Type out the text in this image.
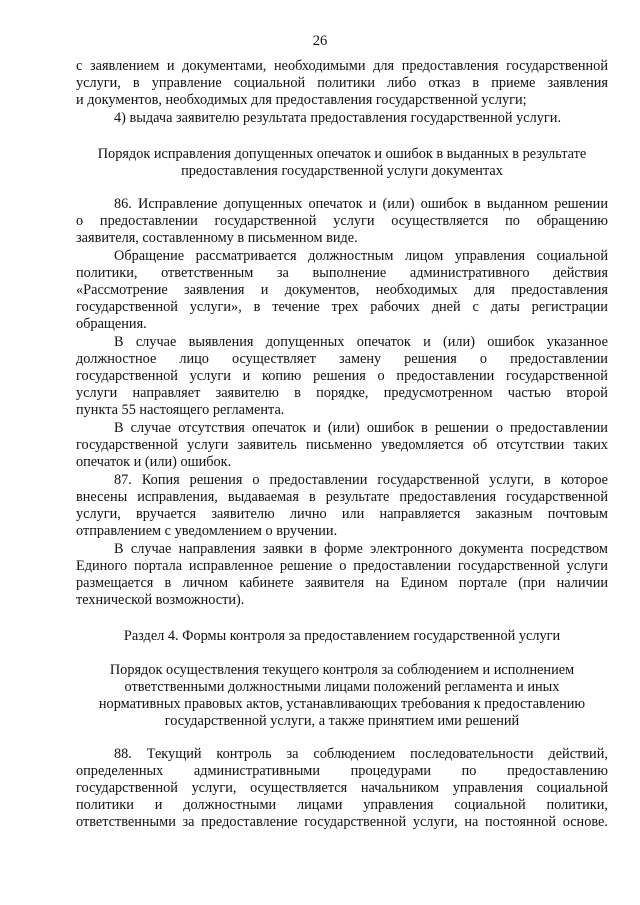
26
с заявлением и документами, необходимыми для предоставления государственной
услуги, в управление социальной политики либо отказ в приеме заявления
и документов, необходимых для предоставления государственной услуги;
4) выдача заявителю результата предоставления государственной услуги.
Порядок исправления допущенных опечаток и ошибок в выданных в результате
предоставления государственной услуги документах
86. Исправление допущенных опечаток и (или) ошибок в выданном решении
о предоставлении государственной услуги осуществляется по обращению
заявителя, составленному в письменном виде.
Обращение рассматривается должностным лицом управления социальной
политики, ответственным за выполнение административного действия
«Рассмотрение заявления и документов, необходимых для предоставления
государственной услуги», в течение трех рабочих дней с даты регистрации
обращения.
В случае выявления допущенных опечаток и (или) ошибок указанное
должностное лицо осуществляет замену решения о предоставлении
государственной услуги и копию решения о предоставлении государственной
услуги направляет заявителю в порядке, предусмотренном частью второй
пункта 55 настоящего регламента.
В случае отсутствия опечаток и (или) ошибок в решении о предоставлении
государственной услуги заявитель письменно уведомляется об отсутствии таких
опечаток и (или) ошибок.
87. Копия решения о предоставлении государственной услуги, в которое
внесены исправления, выдаваемая в результате предоставления государственной
услуги, вручается заявителю лично или направляется заказным почтовым
отправлением с уведомлением о вручении.
В случае направления заявки в форме электронного документа посредством
Единого портала исправленное решение о предоставлении государственной услуги
размещается в личном кабинете заявителя на Едином портале (при наличии
технической возможности).
Раздел 4. Формы контроля за предоставлением государственной услуги
Порядок осуществления текущего контроля за соблюдением и исполнением
ответственными должностными лицами положений регламента и иных
нормативных правовых актов, устанавливающих требования к предоставлению
государственной услуги, а также принятием ими решений
88. Текущий контроль за соблюдением последовательности действий,
определенных административными процедурами по предоставлению
государственной услуги, осуществляется начальником управления социальной
политики и должностными лицами управления социальной политики,
ответственными за предоставление государственной услуги, на постоянной основе.
